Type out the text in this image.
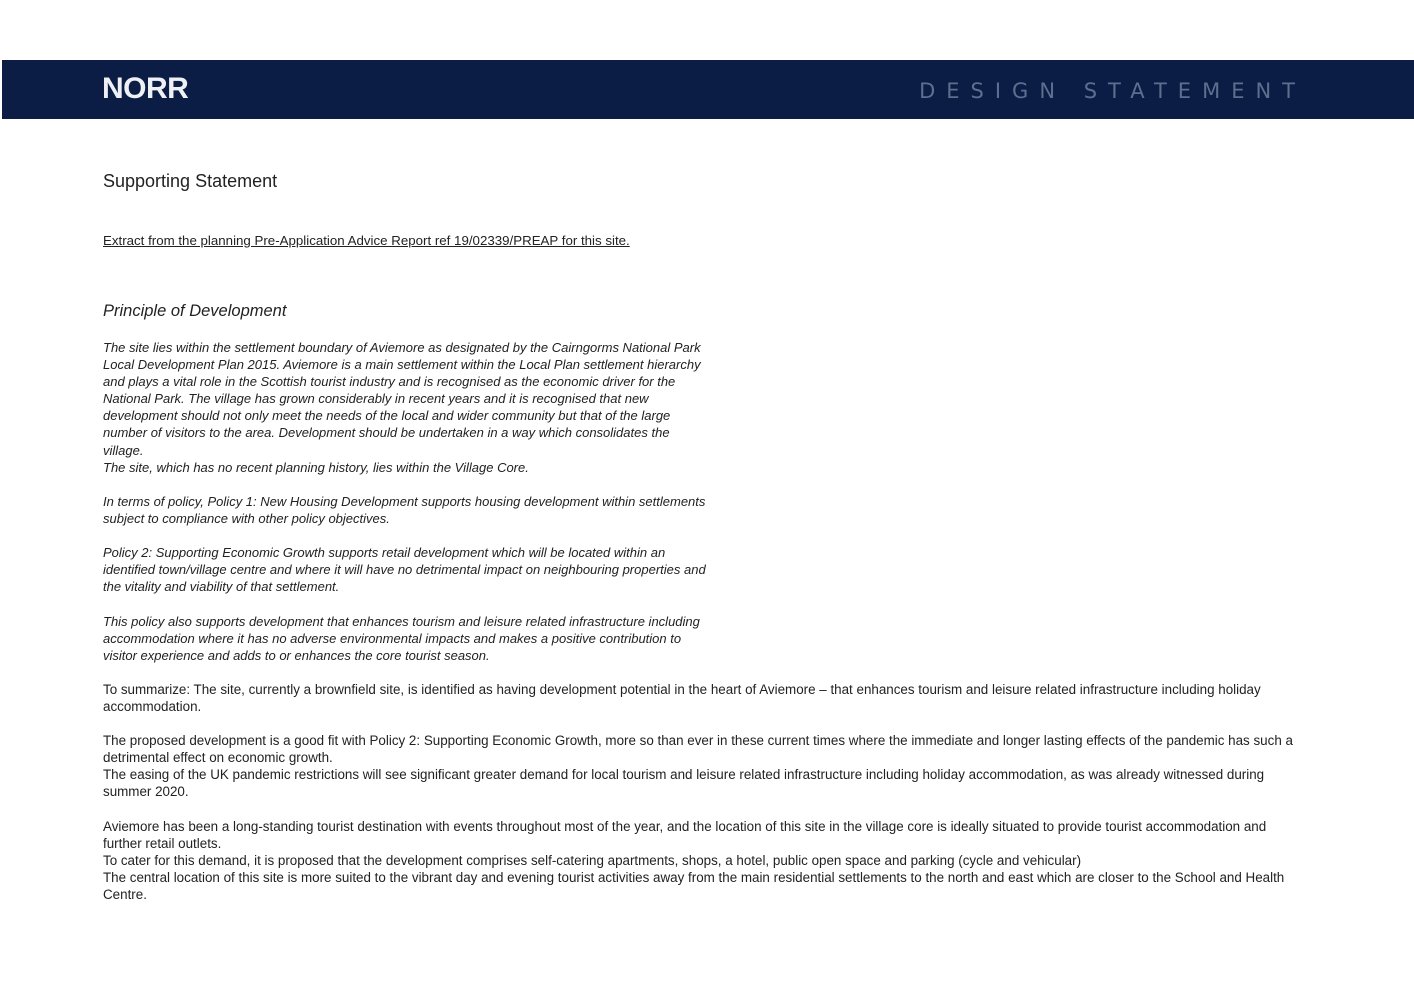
NORR	DESIGN STATEMENT
Supporting Statement
Extract from the planning Pre-Application Advice Report ref 19/02339/PREAP for this site.
Principle of Development

The site lies within the settlement boundary of Aviemore as designated by the Cairngorms National Park Local Development Plan 2015. Aviemore is a main settlement within the Local Plan settlement hierarchy and plays a vital role in the Scottish tourist industry and is recognised as the economic driver for the National Park. The village has grown considerably in recent years and it is recognised that new development should not only meet the needs of the local and wider community but that of the large number of visitors to the area. Development should be undertaken in a way which consolidates the village.

The site, which has no recent planning history, lies within the Village Core.

In terms of policy, Policy 1: New Housing Development supports housing development within settlements subject to compliance with other policy objectives.

Policy 2: Supporting Economic Growth supports retail development which will be located within an identified town/village centre and where it will have no detrimental impact on neighbouring properties and the vitality and viability of that settlement.

This policy also supports development that enhances tourism and leisure related infrastructure including accommodation where it has no adverse environmental impacts and makes a positive contribution to visitor experience and adds to or enhances the core tourist season.

To summarize: The site, currently a brownfield site, is identified as having development potential in the heart of Aviemore – that enhances tourism and leisure related infrastructure including holiday accommodation.

The proposed development is a good fit with Policy 2: Supporting Economic Growth, more so than ever in these current times where the immediate and longer lasting effects of the pandemic has such a detrimental effect on economic growth.

The easing of the UK pandemic restrictions will see significant greater demand for local tourism and leisure related infrastructure including holiday accommodation, as was already witnessed during summer 2020.

Aviemore has been a long-standing tourist destination with events throughout most of the year, and the location of this site in the village core is ideally situated to provide tourist accommodation and further retail outlets.

To cater for this demand, it is proposed that the development comprises self-catering apartments, shops, a hotel, public open space and parking (cycle and vehicular)

The central location of this site is more suited to the vibrant day and evening tourist activities away from the main residential settlements to the north and east which are closer to the School and Health Centre.
